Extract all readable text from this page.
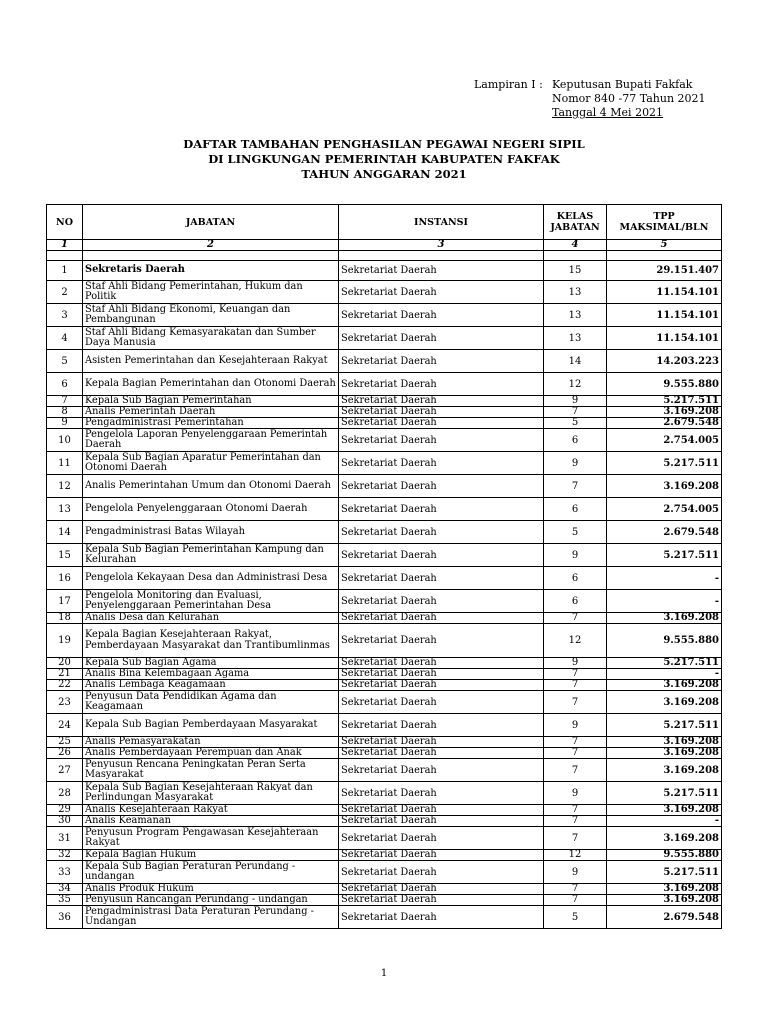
Lampiran I : Keputusan Bupati Fakfak
Nomor 840 -77 Tahun 2021
Tanggal 4 Mei 2021
DAFTAR TAMBAHAN PENGHASILAN PEGAWAI NEGERI SIPIL
DI LINGKUNGAN PEMERINTAH KABUPATEN FAKFAK
TAHUN ANGGARAN 2021
NO	JABATAN	INSTANSI	KELAS JABATAN	TPP MAKSIMAL/BLN
1	2	3	4	5

1	Sekretaris Daerah	Sekretariat Daerah	15	29.151.407
2	Staf Ahli Bidang Pemerintahan, Hukum dan Politik	Sekretariat Daerah	13	11.154.101
3	Staf Ahli Bidang Ekonomi, Keuangan dan Pembangunan	Sekretariat Daerah	13	11.154.101
4	Staf Ahli Bidang Kemasyarakatan dan Sumber Daya Manusia	Sekretariat Daerah	13	11.154.101
5	Asisten Pemerintahan dan Kesejahteraan Rakyat	Sekretariat Daerah	14	14.203.223
6	Kepala Bagian Pemerintahan dan Otonomi Daerah	Sekretariat Daerah	12	9.555.880
7	Kepala Sub Bagian Pemerintahan	Sekretariat Daerah	9	5.217.511
8	Analis Pemerintah Daerah	Sekretariat Daerah	7	3.169.208
9	Pengadministrasi Pemerintahan	Sekretariat Daerah	5	2.679.548
10	Pengelola Laporan Penyelenggaraan Pemerintah Daerah	Sekretariat Daerah	6	2.754.005
11	Kepala Sub Bagian Aparatur Pemerintahan dan Otonomi Daerah	Sekretariat Daerah	9	5.217.511
12	Analis Pemerintahan Umum dan Otonomi Daerah	Sekretariat Daerah	7	3.169.208
13	Pengelola Penyelenggaraan Otonomi Daerah	Sekretariat Daerah	6	2.754.005
14	Pengadministrasi Batas Wilayah	Sekretariat Daerah	5	2.679.548
15	Kepala Sub Bagian Pemerintahan Kampung dan Kelurahan	Sekretariat Daerah	9	5.217.511
16	Pengelola Kekayaan Desa dan Administrasi Desa	Sekretariat Daerah	6	-
17	Pengelola Monitoring dan Evaluasi, Penyelenggaraan Pemerintahan Desa	Sekretariat Daerah	6	-
18	Analis Desa dan Kelurahan	Sekretariat Daerah	7	3.169.208
19	Kepala Bagian Kesejahteraan Rakyat, Pemberdayaan Masyarakat dan Trantibumlinmas	Sekretariat Daerah	12	9.555.880
20	Kepala Sub Bagian Agama	Sekretariat Daerah	9	5.217.511
21	Analis Bina Kelembagaan Agama	Sekretariat Daerah	7	-
22	Analis Lembaga Keagamaan	Sekretariat Daerah	7	3.169.208
23	Penyusun Data Pendidikan Agama dan Keagamaan	Sekretariat Daerah	7	3.169.208
24	Kepala Sub Bagian Pemberdayaan Masyarakat	Sekretariat Daerah	9	5.217.511
25	Analis Pemasyarakatan	Sekretariat Daerah	7	3.169.208
26	Analis Pemberdayaan Perempuan dan Anak	Sekretariat Daerah	7	3.169.208
27	Penyusun Rencana Peningkatan Peran Serta Masyarakat	Sekretariat Daerah	7	3.169.208
28	Kepala Sub Bagian Kesejahteraan Rakyat dan Perlindungan Masyarakat	Sekretariat Daerah	9	5.217.511
29	Analis Kesejahteraan Rakyat	Sekretariat Daerah	7	3.169.208
30	Analis Keamanan	Sekretariat Daerah	7	-
31	Penyusun Program Pengawasan Kesejahteraan Rakyat	Sekretariat Daerah	7	3.169.208
32	Kepala Bagian Hukum	Sekretariat Daerah	12	9.555.880
33	Kepala Sub Bagian Peraturan Perundang - undangan	Sekretariat Daerah	9	5.217.511
34	Analis Produk Hukum	Sekretariat Daerah	7	3.169.208
35	Penyusun Rancangan Perundang - undangan	Sekretariat Daerah	7	3.169.208
36	Pengadministrasi Data Peraturan Perundang - Undangan	Sekretariat Daerah	5	2.679.548
1
